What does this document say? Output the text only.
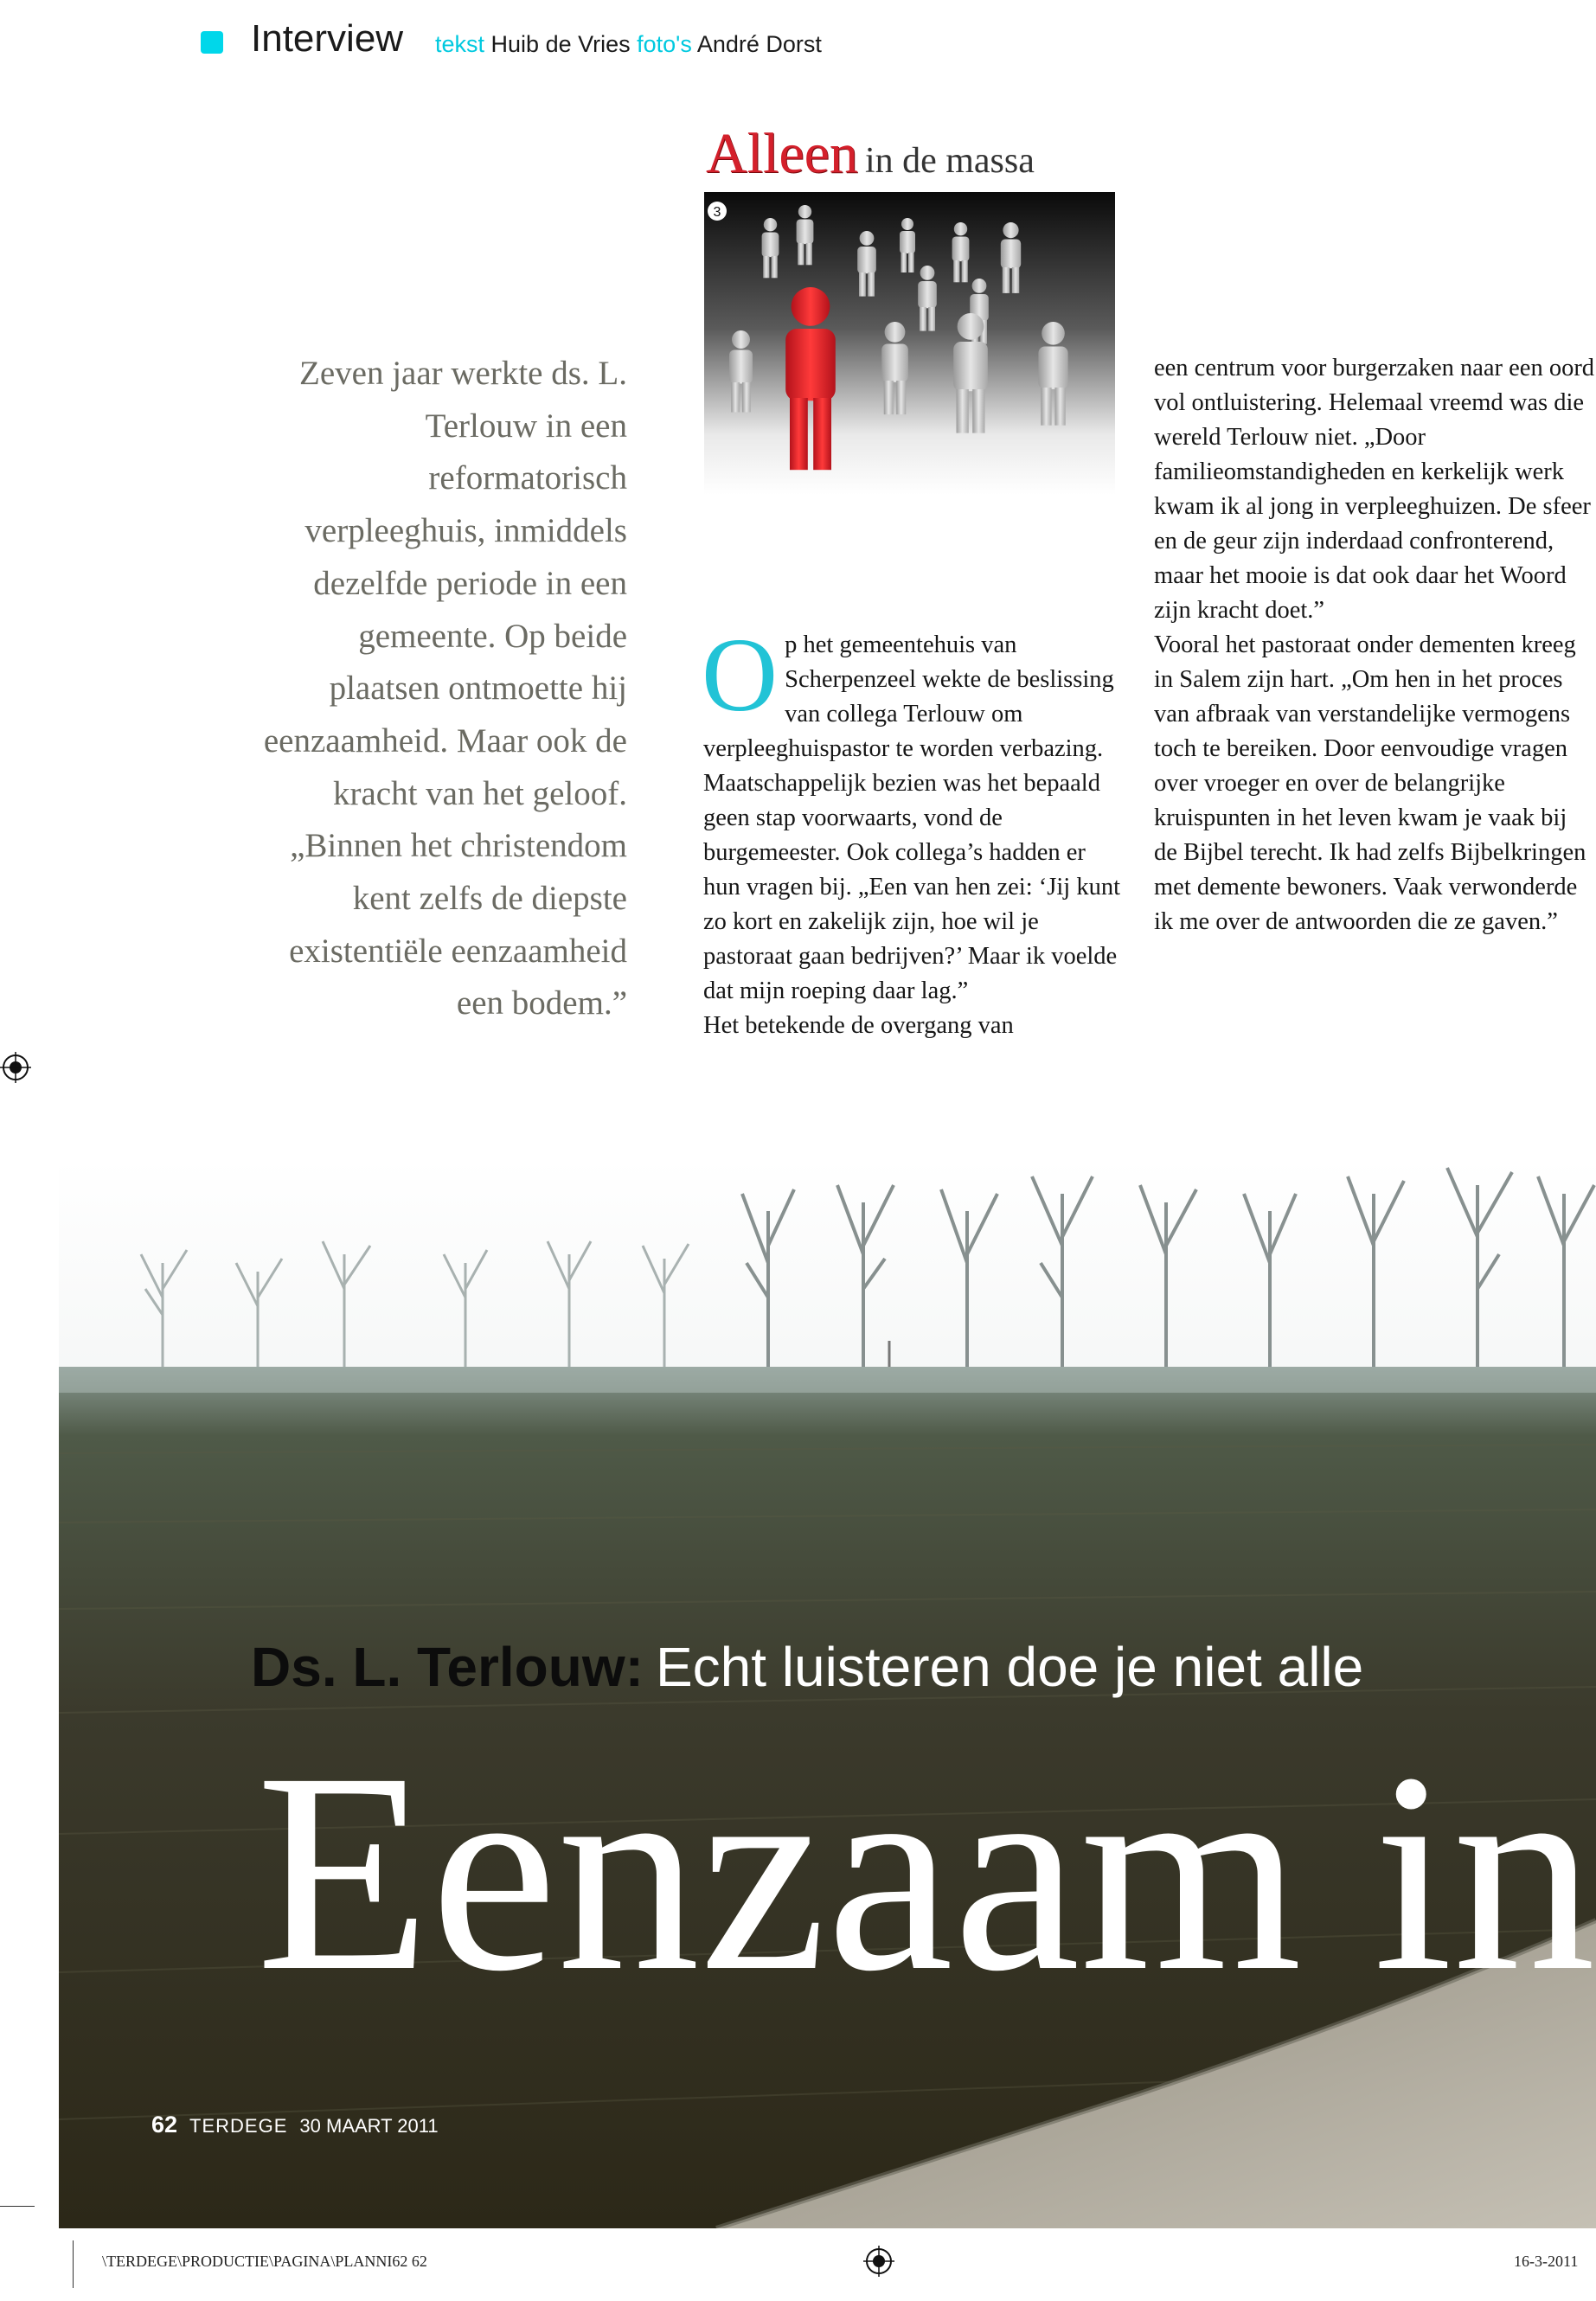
Interview tekst Huib de Vries foto's André Dorst
Alleen in de massa
3
Zeven jaar werkte ds. L. Terlouw in een reformatorisch verpleeghuis, inmiddels dezelfde periode in een gemeente. Op beide plaatsen ontmoette hij eenzaamheid. Maar ook de kracht van het geloof. „Binnen het christendom kent zelfs de diepste existentiële eenzaamheid een bodem.”

Op het gemeentehuis van Scherpenzeel wekte de beslissing van collega Terlouw om verpleeghuispastor te worden verbazing. Maatschappelijk bezien was het bepaald geen stap voorwaarts, vond de burgemeester. Ook collega’s hadden er hun vragen bij. „Een van hen zei: ‘Jij kunt zo kort en zakelijk zijn, hoe wil je pastoraat gaan bedrijven?’ Maar ik voelde dat mijn roeping daar lag.”

Het betekende de overgang van

een centrum voor burgerzaken naar een oord vol ontluistering. Helemaal vreemd was die wereld Terlouw niet. „Door familieomstandigheden en kerkelijk werk kwam ik al jong in verpleeghuizen. De sfeer en de geur zijn inderdaad confronterend, maar het mooie is dat ook daar het Woord zijn kracht doet.”

Vooral het pastoraat onder dementen kreeg in Salem zijn hart. „Om hen in het proces van afbraak van verstandelijke vermogens toch te bereiken. Door eenvoudige vragen over vroeger en over de belangrijke kruispunten in het leven kwam je vaak bij de Bijbel terecht. Ik had zelfs Bijbelkringen met demente bewoners. Vaak verwonderde ik me over de antwoorden die ze gaven.”

Ds. L. Terlouw: Echt luisteren doe je niet alle
Eenzaam in
62 TERDEGE 30 MAART 2011
\TERDEGE\PRODUCTIE\PAGINA\PLANNI62 62	16-3-2011
